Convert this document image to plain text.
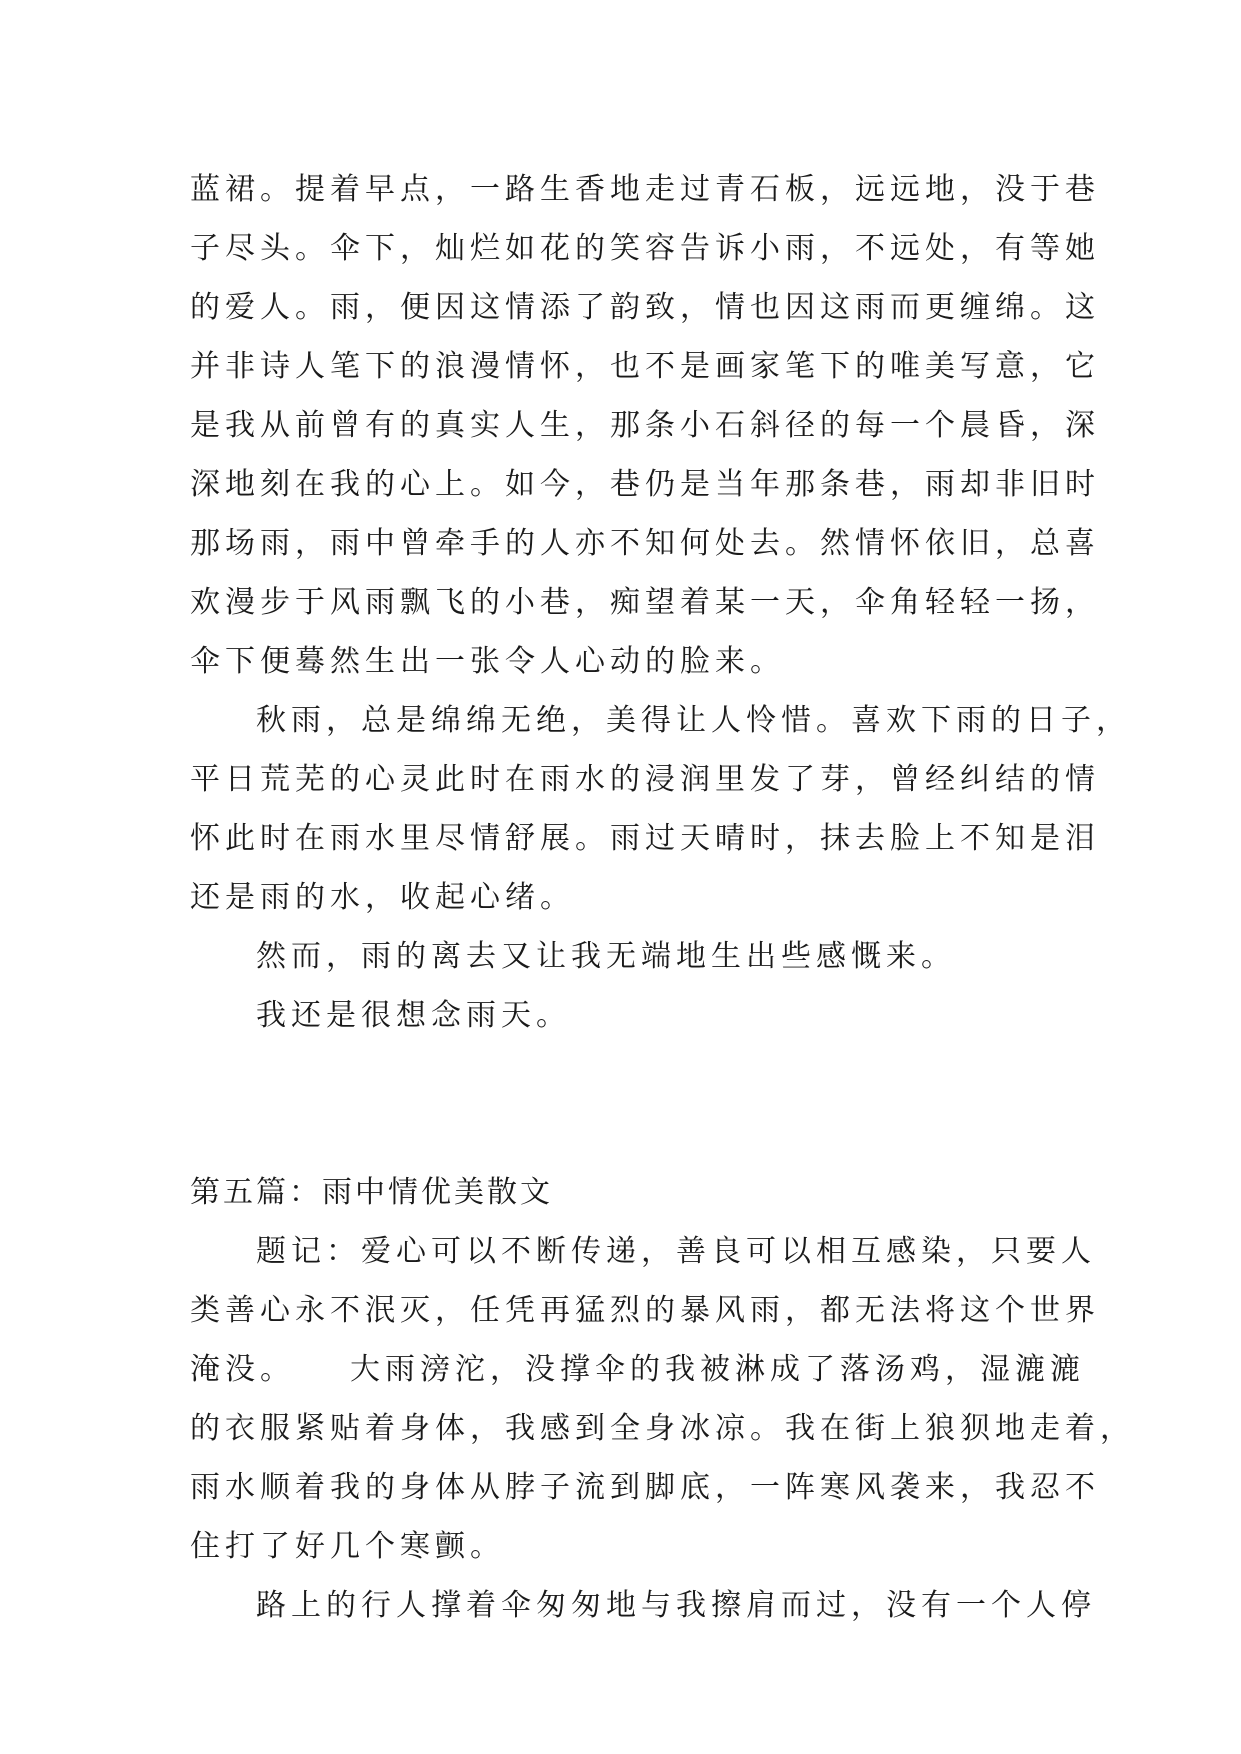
蓝裙。提着早点，一路生香地走过青石板，远远地，没于巷
子尽头。伞下，灿烂如花的笑容告诉小雨，不远处，有等她
的爱人。雨，便因这情添了韵致，情也因这雨而更缠绵。这
并非诗人笔下的浪漫情怀，也不是画家笔下的唯美写意，它
是我从前曾有的真实人生，那条小石斜径的每一个晨昏，深
深地刻在我的心上。如今，巷仍是当年那条巷，雨却非旧时
那场雨，雨中曾牵手的人亦不知何处去。然情怀依旧，总喜
欢漫步于风雨飘飞的小巷，痴望着某一天，伞角轻轻一扬，
伞下便蓦然生出一张令人心动的脸来。
秋雨，总是绵绵无绝，美得让人怜惜。喜欢下雨的日子，
平日荒芜的心灵此时在雨水的浸润里发了芽，曾经纠结的情
怀此时在雨水里尽情舒展。雨过天晴时，抹去脸上不知是泪
还是雨的水，收起心绪。
然而，雨的离去又让我无端地生出些感慨来。
我还是很想念雨天。
第五篇：雨中情优美散文
题记：爱心可以不断传递，善良可以相互感染，只要人
类善心永不泯灭，任凭再猛烈的暴风雨，都无法将这个世界
淹没。　　大雨滂沱，没撑伞的我被淋成了落汤鸡，湿漉漉
的衣服紧贴着身体，我感到全身冰凉。我在街上狼狈地走着，
雨水顺着我的身体从脖子流到脚底，一阵寒风袭来，我忍不
住打了好几个寒颤。
路上的行人撑着伞匆匆地与我擦肩而过，没有一个人停
